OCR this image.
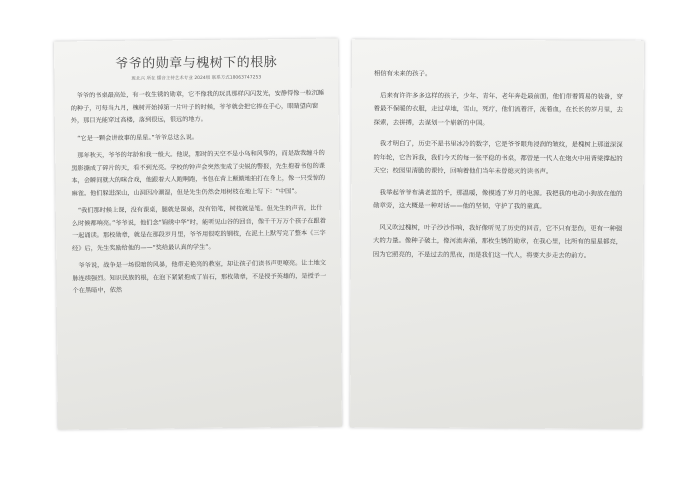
爷爷的勋章与槐树下的根脉
班北兴 所在 播音主持艺术专业 2024级 联系方式18063747253

爷爷的书桌最高处，有一枚生锈的勋章，它不像我的玩具那样闪闪发光，安静得像一粒沉睡的种子，可每当九月，槐树开始掉第一片叶子的时候，爷爷就会把它捧在手心，眼睛望向窗外，那目光能穿过高楼，落到很远，很远的地方。

“它是一颗会讲故事的星星。”爷爷总这么说。

那年秋天，爷爷的年龄和我一般大。他说，那时的天空不是小鸟和风筝的，而是敌我缠斗的黑影撕成了碎片的天，看不到光亮。学校的钟声会突然变成了尖锐的警报，先生抱着书包的课本，会瞬间就大的咪合戏，他跟着大人跑啊跑，书包在背上颠簸地拍打在身上，像一只受惊的麻雀。他们躲进深山，山洞因冷潮湿，但是先生仍然会用树枝在地上写下：“中国”。

“我们那时候上课，没有课桌，腿就是课桌，没有铅笔，树枝就是笔。但先生的声音，比什么时候都响亮。”爷爷说，他们念“锦绣中华”时，能听见山谷的回音，像千千万万个孩子在跟着一起诵读。那校勋章，就是在那段岁月里，爷爷用很吃的钢枝，在泥土上默写完了整本《三字经》后，先生奖励给他的——“奖给最认真的学生”。

爷爷说，战争是一场很暗的风暴，他带走艳亮的教室，却让孩子们读书声更嘹亮。让土地文脉连续强烈。知识民族的根，在泡下紧紧抱成了岩石，那枚勋章，不是授予英雄的，是授予一个在黑暗中，依然

相信有未来的孩子。

后来有许许多多这样的孩子，少年、青年、老年奔赴最前面，他们带着简易的装备，穿着最不保暖的衣服，走过草地，雪山，死疗，他们流着汗，流着血，在长长的岁月里，去探索，去拼搏，去谋划一个崭新的中国。

我才明白了，历史不是书里冰冷的数字，它是爷爷眼角浸润的皱纹，是槐树上那道深深的年轮，它告诉我，我们今天的每一张平稳的书桌，都曾是一代人在炮火中用背梁撑起的天空；校园里清脆的课铃，回响着他们当年未曾熄灭的读书声。

我举起爷爷布满老茧的手，那温暖，像摸透了岁月的电源。我把我的电动小狗放在他的勋章旁，这大概是一种对话——他的坚韧，守护了我的童真。

风又吹过槐树，叶子沙沙作响，我好像听见了历史的回音，它不只有悲伤，更有一种强大的力量。像种子破土，像河流奔涌，那枚生锈的勋章，在我心里，比所有的星星都亮，因为它照亮的，不是过去的黑夜，而是我们这一代人，将要大步走去的前方。
